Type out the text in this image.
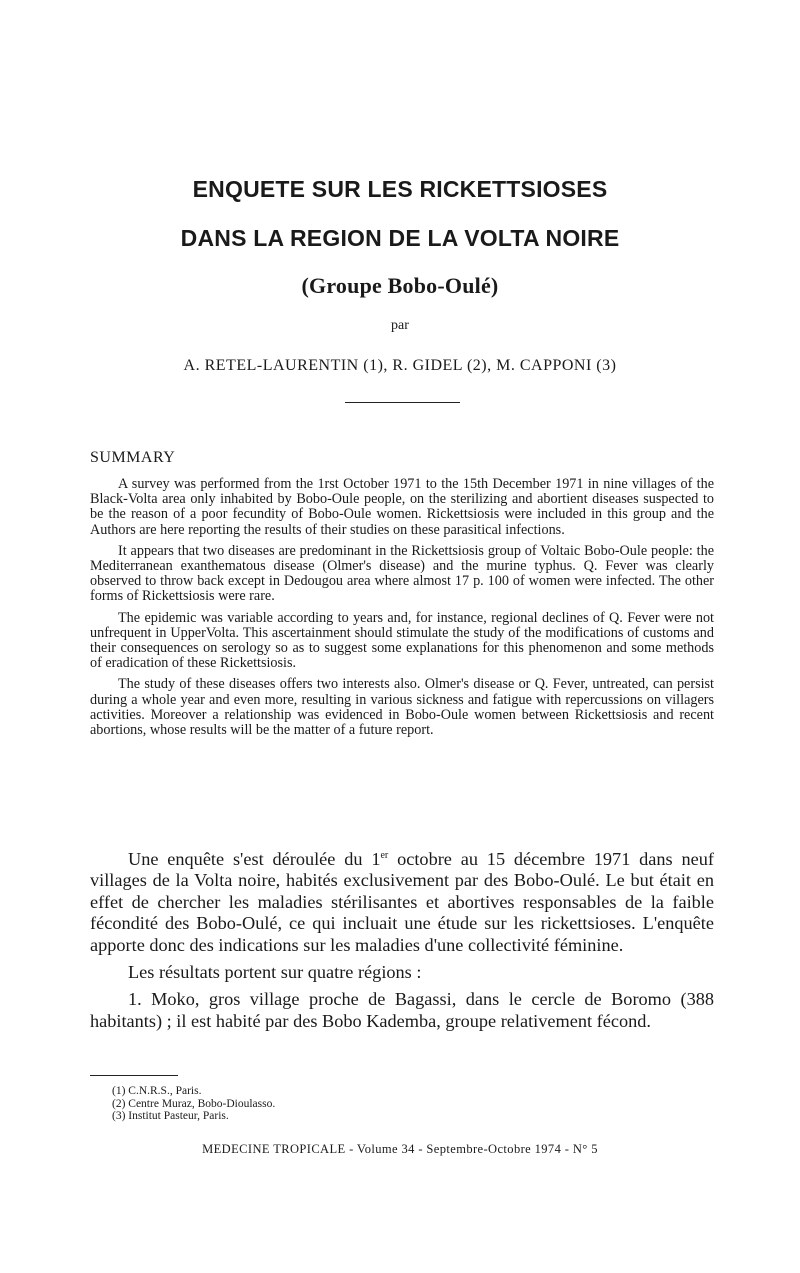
ENQUETE SUR LES RICKETTSIOSES
DANS LA REGION DE LA VOLTA NOIRE
(Groupe Bobo-Oulé)
par
A. RETEL-LAURENTIN (1), R. GIDEL (2), M. CAPPONI (3)
SUMMARY

A survey was performed from the 1rst October 1971 to the 15th December 1971 in nine villages of the Black-Volta area only inhabited by Bobo-Oule people, on the sterilizing and abortient diseases suspected to be the reason of a poor fecundity of Bobo-Oule women. Rickettsiosis were included in this group and the Authors are here reporting the results of their studies on these parasitical infections.

It appears that two diseases are predominant in the Rickettsiosis group of Voltaic Bobo-Oule people: the Mediterranean exanthematous disease (Olmer's disease) and the murine typhus. Q. Fever was clearly observed to throw back except in Dedougou area where almost 17 p. 100 of women were infected. The other forms of Rickettsiosis were rare.

The epidemic was variable according to years and, for instance, regional declines of Q. Fever were not unfrequent in UpperVolta. This ascertainment should stimulate the study of the modifications of customs and their consequences on serology so as to suggest some explanations for this phenomenon and some methods of eradication of these Rickettsiosis.

The study of these diseases offers two interests also. Olmer's disease or Q. Fever, untreated, can persist during a whole year and even more, resulting in various sickness and fatigue with repercussions on villagers activities. Moreover a relationship was evidenced in Bobo-Oule women between Rickettsiosis and recent abortions, whose results will be the matter of a future report.

Une enquête s'est déroulée du 1er octobre au 15 décembre 1971 dans neuf villages de la Volta noire, habités exclusivement par des Bobo-Oulé. Le but était en effet de chercher les maladies stérilisantes et abortives responsables de la faible fécondité des Bobo-Oulé, ce qui incluait une étude sur les rickettsioses. L'enquête apporte donc des indications sur les maladies d'une collectivité féminine.

Les résultats portent sur quatre régions :

1. Moko, gros village proche de Bagassi, dans le cercle de Boromo (388 habitants) ; il est habité par des Bobo Kademba, groupe relativement fécond.

(1) C.N.R.S., Paris.
(2) Centre Muraz, Bobo-Dioulasso.
(3) Institut Pasteur, Paris.
MEDECINE TROPICALE - Volume 34 - Septembre-Octobre 1974 - N° 5
